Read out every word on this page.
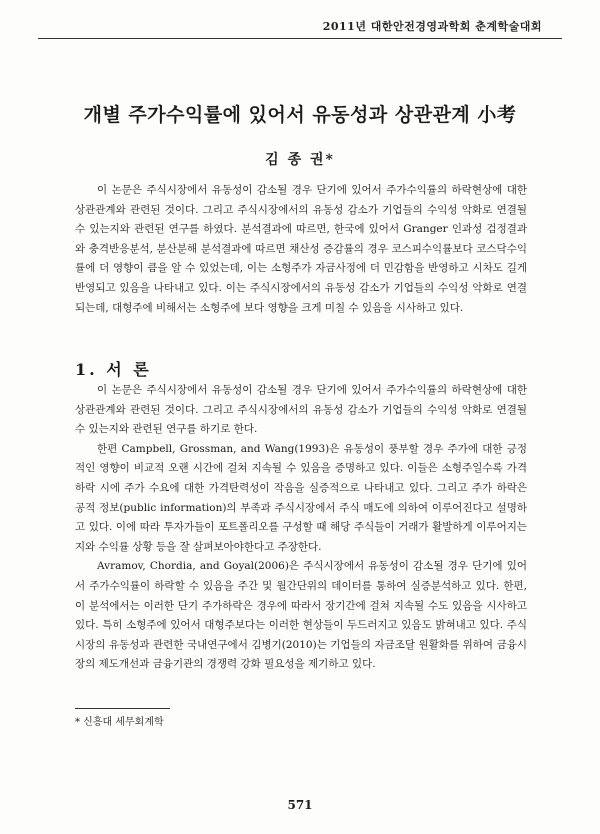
2011년 대한안전경영과학회 춘계학술대회
개별 주가수익률에 있어서 유동성과 상관관계 小考
김 종 권*

이 논문은 주식시장에서 유동성이 감소될 경우 단기에 있어서 주가수익률의 하락현상에 대한 상관관계와 관련된 것이다. 그리고 주식시장에서의 유동성 감소가 기업들의 수익성 악화로 연결될 수 있는지와 관련된 연구를 하였다. 분석결과에 따르면, 한국에 있어서 Granger 인과성 검정결과와 충격반응분석, 분산분해 분석결과에 따르면 채산성 증감률의 경우 코스피수익률보다 코스닥수익률에 더 영향이 큼을 알 수 있었는데, 이는 소형주가 자금사정에 더 민감함을 반영하고 시차도 길게 반영되고 있음을 나타내고 있다. 이는 주식시장에서의 유동성 감소가 기업들의 수익성 악화로 연결되는데, 대형주에 비해서는 소형주에 보다 영향을 크게 미칠 수 있음을 시사하고 있다.

1. 서 론

이 논문은 주식시장에서 유동성이 감소될 경우 단기에 있어서 주가수익률의 하락현상에 대한 상관관계와 관련된 것이다. 그리고 주식시장에서의 유동성 감소가 기업들의 수익성 악화로 연결될 수 있는지와 관련된 연구를 하기로 한다.

한편 Campbell, Grossman, and Wang(1993)은 유동성이 풍부할 경우 주가에 대한 긍정적인 영향이 비교적 오랜 시간에 걸쳐 지속될 수 있음을 증명하고 있다. 이들은 소형주일수록 가격하락 시에 주가 수요에 대한 가격탄력성이 작음을 실증적으로 나타내고 있다. 그리고 주가 하락은 공적 정보(public information)의 부족과 주식시장에서 주식 매도에 의하여 이루어진다고 설명하고 있다. 이에 따라 투자가들이 포트폴리오를 구성할 때 해당 주식들이 거래가 활발하게 이루어지는 지와 수익률 상황 등을 잘 살펴보아야한다고 주장한다.

Avramov, Chordia, and Goyal(2006)은 주식시장에서 유동성이 감소될 경우 단기에 있어서 주가수익률이 하락할 수 있음을 주간 및 월간단위의 데이터를 통하여 실증분석하고 있다. 한편, 이 분석에서는 이러한 단기 주가하락은 경우에 따라서 장기간에 걸쳐 지속될 수도 있음을 시사하고 있다. 특히 소형주에 있어서 대형주보다는 이러한 현상들이 두드러지고 있음도 밝혀내고 있다. 주식시장의 유동성과 관련한 국내연구에서 김병기(2010)는 기업들의 자금조달 원활화를 위하여 금융시장의 제도개선과 금융기관의 경쟁력 강화 필요성을 제기하고 있다.

* 신흥대 세무회계학
571
